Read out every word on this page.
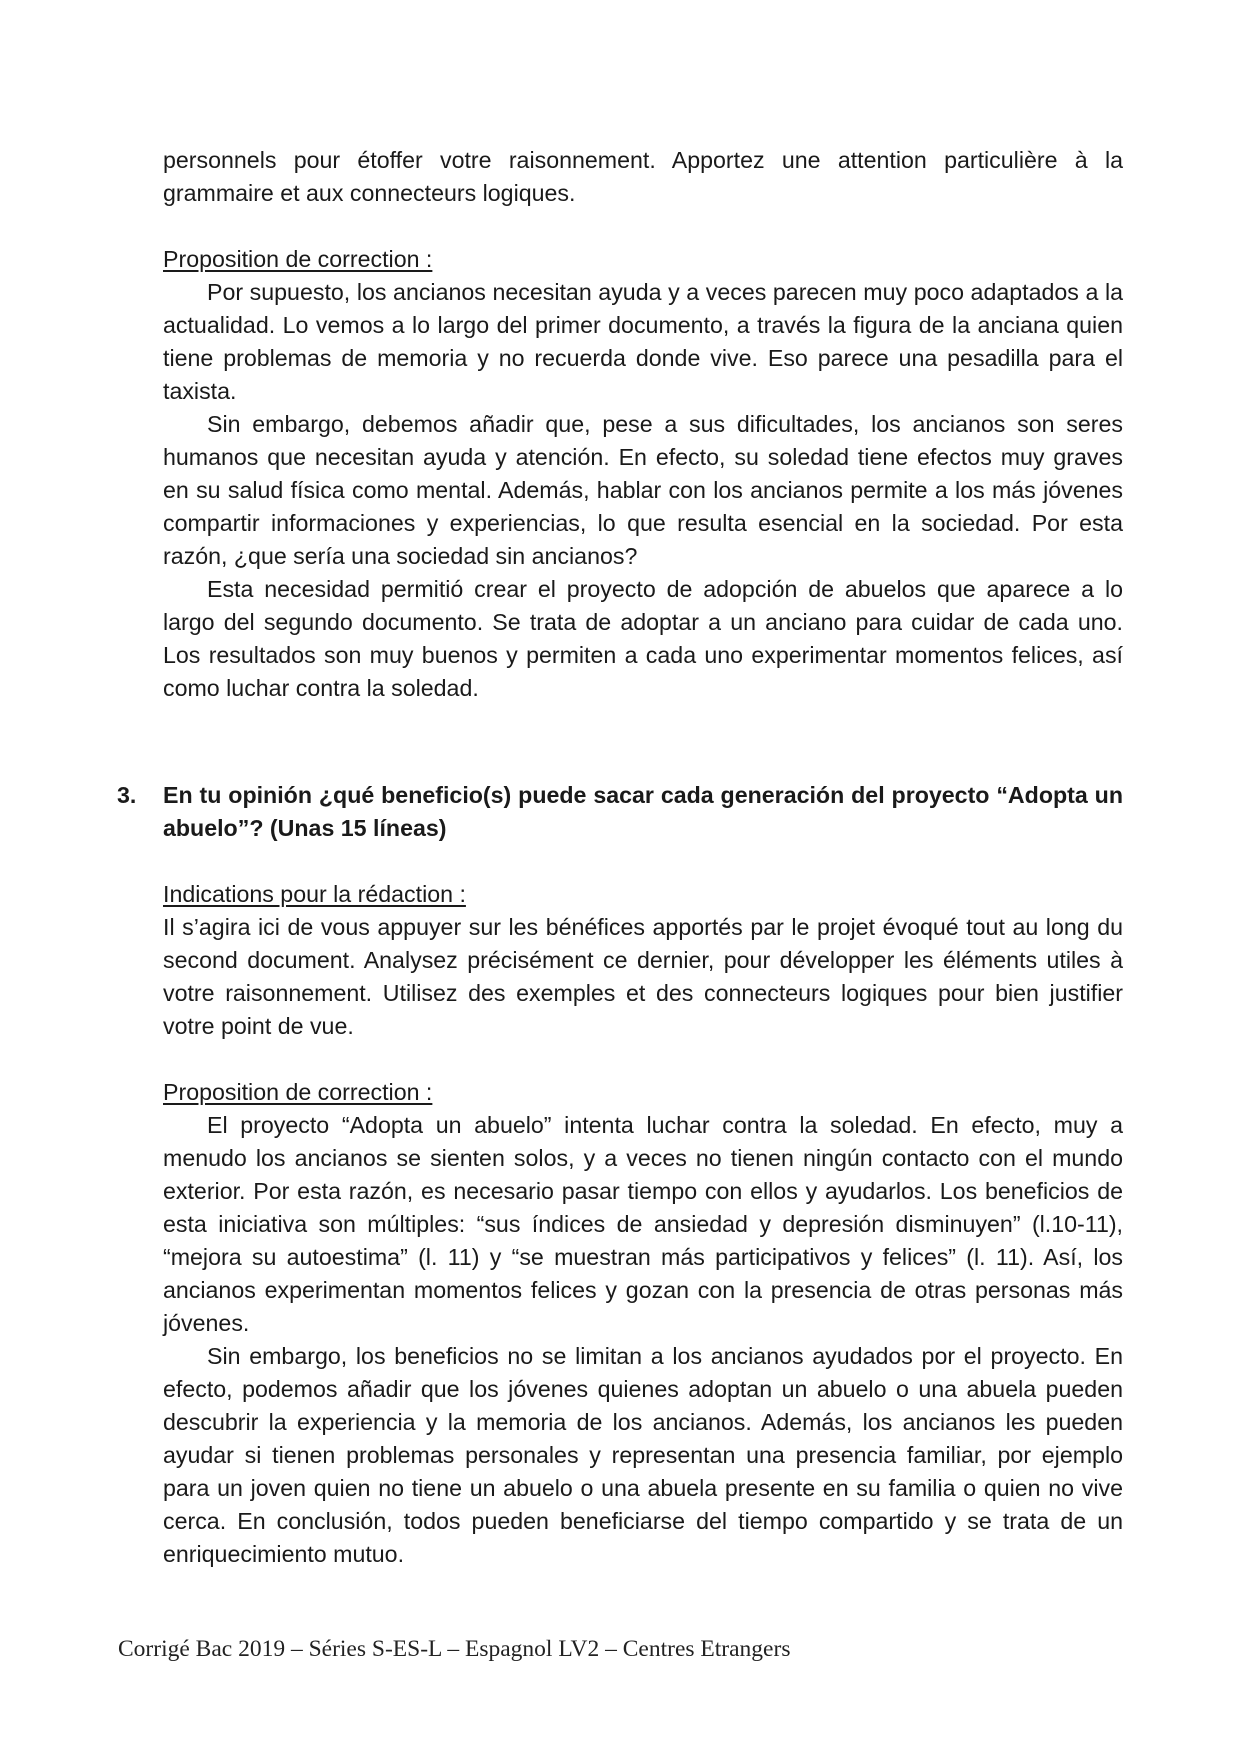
personnels pour étoffer votre raisonnement. Apportez une attention particulière à la grammaire et aux connecteurs logiques.

Proposition de correction :

Por supuesto, los ancianos necesitan ayuda y a veces parecen muy poco adaptados a la actualidad. Lo vemos a lo largo del primer documento, a través la figura de la anciana quien tiene problemas de memoria y no recuerda donde vive. Eso parece una pesadilla para el taxista.

Sin embargo, debemos añadir que, pese a sus dificultades, los ancianos son seres humanos que necesitan ayuda y atención. En efecto, su soledad tiene efectos muy graves en su salud física como mental. Además, hablar con los ancianos permite a los más jóvenes compartir informaciones y experiencias, lo que resulta esencial en la sociedad. Por esta razón, ¿que sería una sociedad sin ancianos?

Esta necesidad permitió crear el proyecto de adopción de abuelos que aparece a lo largo del segundo documento. Se trata de adoptar a un anciano para cuidar de cada uno. Los resultados son muy buenos y permiten a cada uno experimentar momentos felices, así como luchar contra la soledad.

3. En tu opinión ¿qué beneficio(s) puede sacar cada generación del proyecto “Adopta un abuelo”? (Unas 15 líneas)

Indications pour la rédaction :

Il s’agira ici de vous appuyer sur les bénéfices apportés par le projet évoqué tout au long du second document. Analysez précisément ce dernier, pour développer les éléments utiles à votre raisonnement. Utilisez des exemples et des connecteurs logiques pour bien justifier votre point de vue.

Proposition de correction :

El proyecto “Adopta un abuelo” intenta luchar contra la soledad. En efecto, muy a menudo los ancianos se sienten solos, y a veces no tienen ningún contacto con el mundo exterior. Por esta razón, es necesario pasar tiempo con ellos y ayudarlos. Los beneficios de esta iniciativa son múltiples: “sus índices de ansiedad y depresión disminuyen” (l.10-11), “mejora su autoestima” (l. 11) y “se muestran más participativos y felices” (l. 11). Así, los ancianos experimentan momentos felices y gozan con la presencia de otras personas más jóvenes.

Sin embargo, los beneficios no se limitan a los ancianos ayudados por el proyecto. En efecto, podemos añadir que los jóvenes quienes adoptan un abuelo o una abuela pueden descubrir la experiencia y la memoria de los ancianos. Además, los ancianos les pueden ayudar si tienen problemas personales y representan una presencia familiar, por ejemplo para un joven quien no tiene un abuelo o una abuela presente en su familia o quien no vive cerca. En conclusión, todos pueden beneficiarse del tiempo compartido y se trata de un enriquecimiento mutuo.

Corrigé Bac 2019 – Séries S-ES-L – Espagnol LV2 – Centres Etrangers
